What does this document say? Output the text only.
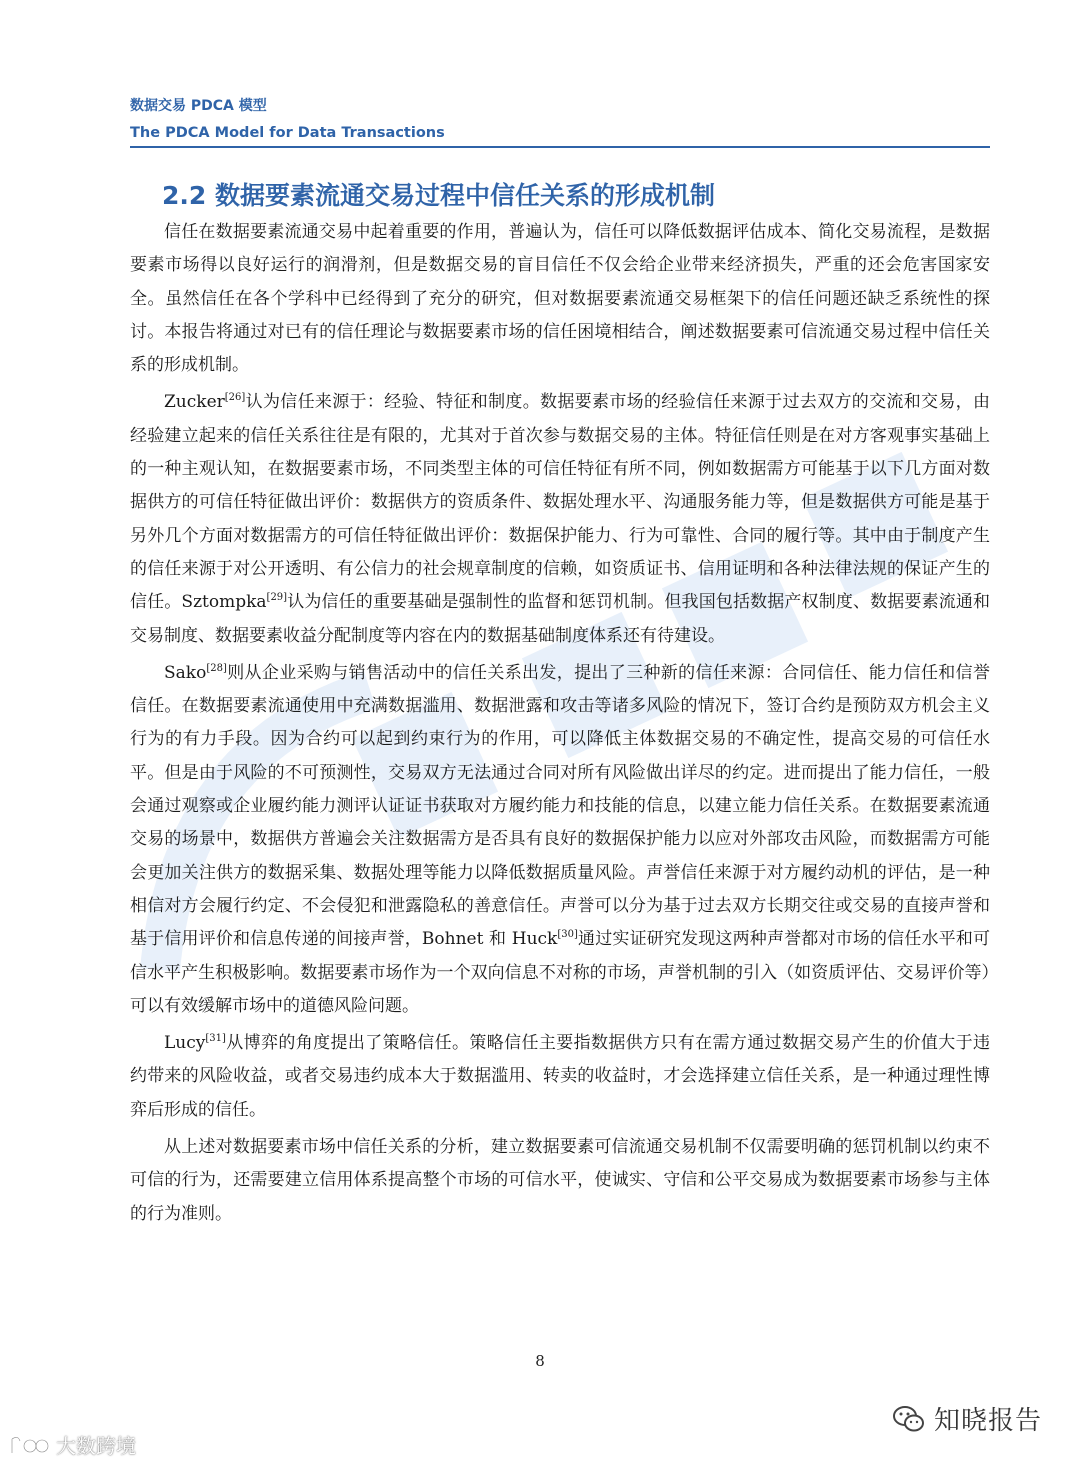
数据交易 PDCA 模型
The PDCA Model for Data Transactions
2.2 数据要素流通交易过程中信任关系的形成机制

信任在数据要素流通交易中起着重要的作用，普遍认为，信任可以降低数据评估成本、简化交易流程，是数据要素市场得以良好运行的润滑剂，但是数据交易的盲目信任不仅会给企业带来经济损失，严重的还会危害国家安全。虽然信任在各个学科中已经得到了充分的研究，但对数据要素流通交易框架下的信任问题还缺乏系统性的探讨。本报告将通过对已有的信任理论与数据要素市场的信任困境相结合，阐述数据要素可信流通交易过程中信任关系的形成机制。

Zucker[26]认为信任来源于：经验、特征和制度。数据要素市场的经验信任来源于过去双方的交流和交易，由经验建立起来的信任关系往往是有限的，尤其对于首次参与数据交易的主体。特征信任则是在对方客观事实基础上的一种主观认知，在数据要素市场，不同类型主体的可信任特征有所不同，例如数据需方可能基于以下几方面对数据供方的可信任特征做出评价：数据供方的资质条件、数据处理水平、沟通服务能力等，但是数据供方可能是基于另外几个方面对数据需方的可信任特征做出评价：数据保护能力、行为可靠性、合同的履行等。其中由于制度产生的信任来源于对公开透明、有公信力的社会规章制度的信赖，如资质证书、信用证明和各种法律法规的保证产生的信任。Sztompka[29]认为信任的重要基础是强制性的监督和惩罚机制。但我国包括数据产权制度、数据要素流通和交易制度、数据要素收益分配制度等内容在内的数据基础制度体系还有待建设。

Sako[28]则从企业采购与销售活动中的信任关系出发，提出了三种新的信任来源：合同信任、能力信任和信誉信任。在数据要素流通使用中充满数据滥用、数据泄露和攻击等诸多风险的情况下，签订合约是预防双方机会主义行为的有力手段。因为合约可以起到约束行为的作用，可以降低主体数据交易的不确定性，提高交易的可信任水平。但是由于风险的不可预测性，交易双方无法通过合同对所有风险做出详尽的约定。进而提出了能力信任，一般会通过观察或企业履约能力测评认证证书获取对方履约能力和技能的信息，以建立能力信任关系。在数据要素流通交易的场景中，数据供方普遍会关注数据需方是否具有良好的数据保护能力以应对外部攻击风险，而数据需方可能会更加关注供方的数据采集、数据处理等能力以降低数据质量风险。声誉信任来源于对方履约动机的评估，是一种相信对方会履行约定、不会侵犯和泄露隐私的善意信任。声誉可以分为基于过去双方长期交往或交易的直接声誉和基于信用评价和信息传递的间接声誉，Bohnet 和 Huck[30]通过实证研究发现这两种声誉都对市场的信任水平和可信水平产生积极影响。数据要素市场作为一个双向信息不对称的市场，声誉机制的引入（如资质评估、交易评价等）可以有效缓解市场中的道德风险问题。

Lucy[31]从博弈的角度提出了策略信任。策略信任主要指数据供方只有在需方通过数据交易产生的价值大于违约带来的风险收益，或者交易违约成本大于数据滥用、转卖的收益时，才会选择建立信任关系，是一种通过理性博弈后形成的信任。

从上述对数据要素市场中信任关系的分析，建立数据要素可信流通交易机制不仅需要明确的惩罚机制以约束不可信的行为，还需要建立信用体系提高整个市场的可信水平，使诚实、守信和公平交易成为数据要素市场参与主体的行为准则。

8
大数跨境
知晓报告
